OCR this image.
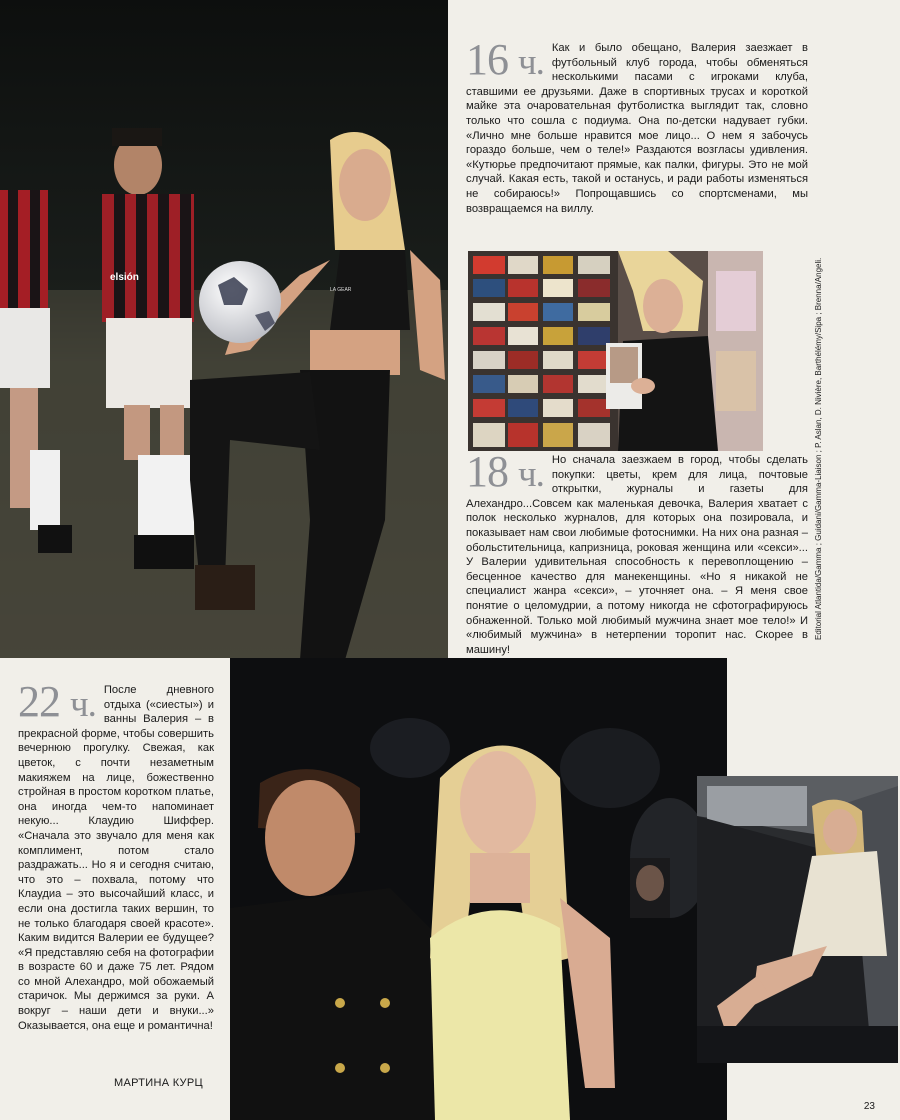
elsión
LA GEAR
16 ч. Как и было обещано, Валерия заезжает в футбольный клуб города, чтобы обменяться несколькими пасами с игроками клуба, ставшими ее друзьями. Даже в спортивных трусах и короткой майке эта очаровательная футболистка выглядит так, словно только что сошла с подиума. Она по-детски надувает губки. «Лично мне больше нравится мое лицо... О нем я забочусь гораздо больше, чем о теле!» Раздаются возгласы удивления. «Кутюрье предпочитают прямые, как палки, фигуры. Это не мой случай. Какая есть, такой и останусь, и ради работы изменяться не собираюсь!» Попрощавшись со спортсменами, мы возвращаемся на виллу.

18 ч. Но сначала заезжаем в город, чтобы сделать покупки: цветы, крем для лица, почтовые открытки, журналы и газеты для Алехандро...Совсем как маленькая девочка, Валерия хватает с полок несколько журналов, для которых она позировала, и показывает нам свои любимые фотоснимки. На них она разная – обольстительница, капризница, роковая женщина или «секси»... У Валерии удивительная способность к перевоплощению – бесценное качество для манекенщины. «Но я никакой не специалист жанра «секси», – уточняет она. – Я меня свое понятие о целомудрии, а потому никогда не сфотографируюсь обнаженной. Только мой любимый мужчина знает мое тело!» И «любимый мужчина» в нетерпении торопит нас. Скорее в машину!

22 ч. После дневного отдыха («сиесты») и ванны Валерия – в прекрасной форме, чтобы совершить вечернюю прогулку. Свежая, как цветок, с почти незаметным макияжем на лице, божественно стройная в простом коротком платье, она иногда чем-то напоминает некую... Клаудию Шиффер. «Сначала это звучало для меня как комплимент, потом стало раздражать... Но я и сегодня считаю, что это – похвала, потому что Клаудиа – это высочайший класс, и если она достигла таких вершин, то не только благодаря своей красоте». Каким видится Валерии ее будущее? «Я представляю себя на фотографии в возрасте 60 и даже 75 лет. Рядом со мной Алехандро, мой обожаемый старичок. Мы держимся за руки. А вокруг – наши дети и внуки...» Оказывается, она еще и романтична!

МАРТИНА КУРЦ
Editorial Atlantida/Gamma ; Guidani/Gamma-Liaison ; P. Aslan, D. Nivière, Barthélémy/Sipa ; Brenna/Angeli.
23
